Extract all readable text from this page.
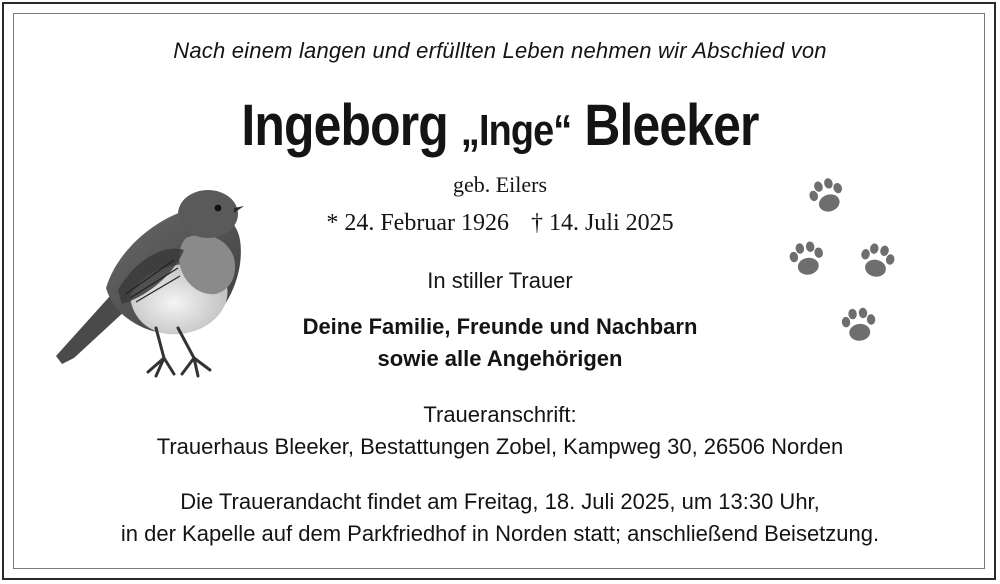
Nach einem langen und erfüllten Leben nehmen wir Abschied von
Ingeborg „Inge“ Bleeker
geb. Eilers
* 24. Februar 1926 † 14. Juli 2025
In stiller Trauer
Deine Familie, Freunde und Nachbarn
sowie alle Angehörigen
Traueranschrift:
Trauerhaus Bleeker, Bestattungen Zobel, Kampweg 30, 26506 Norden
Die Trauerandacht findet am Freitag, 18. Juli 2025, um 13:30 Uhr,
in der Kapelle auf dem Parkfriedhof in Norden statt; anschließend Beisetzung.
